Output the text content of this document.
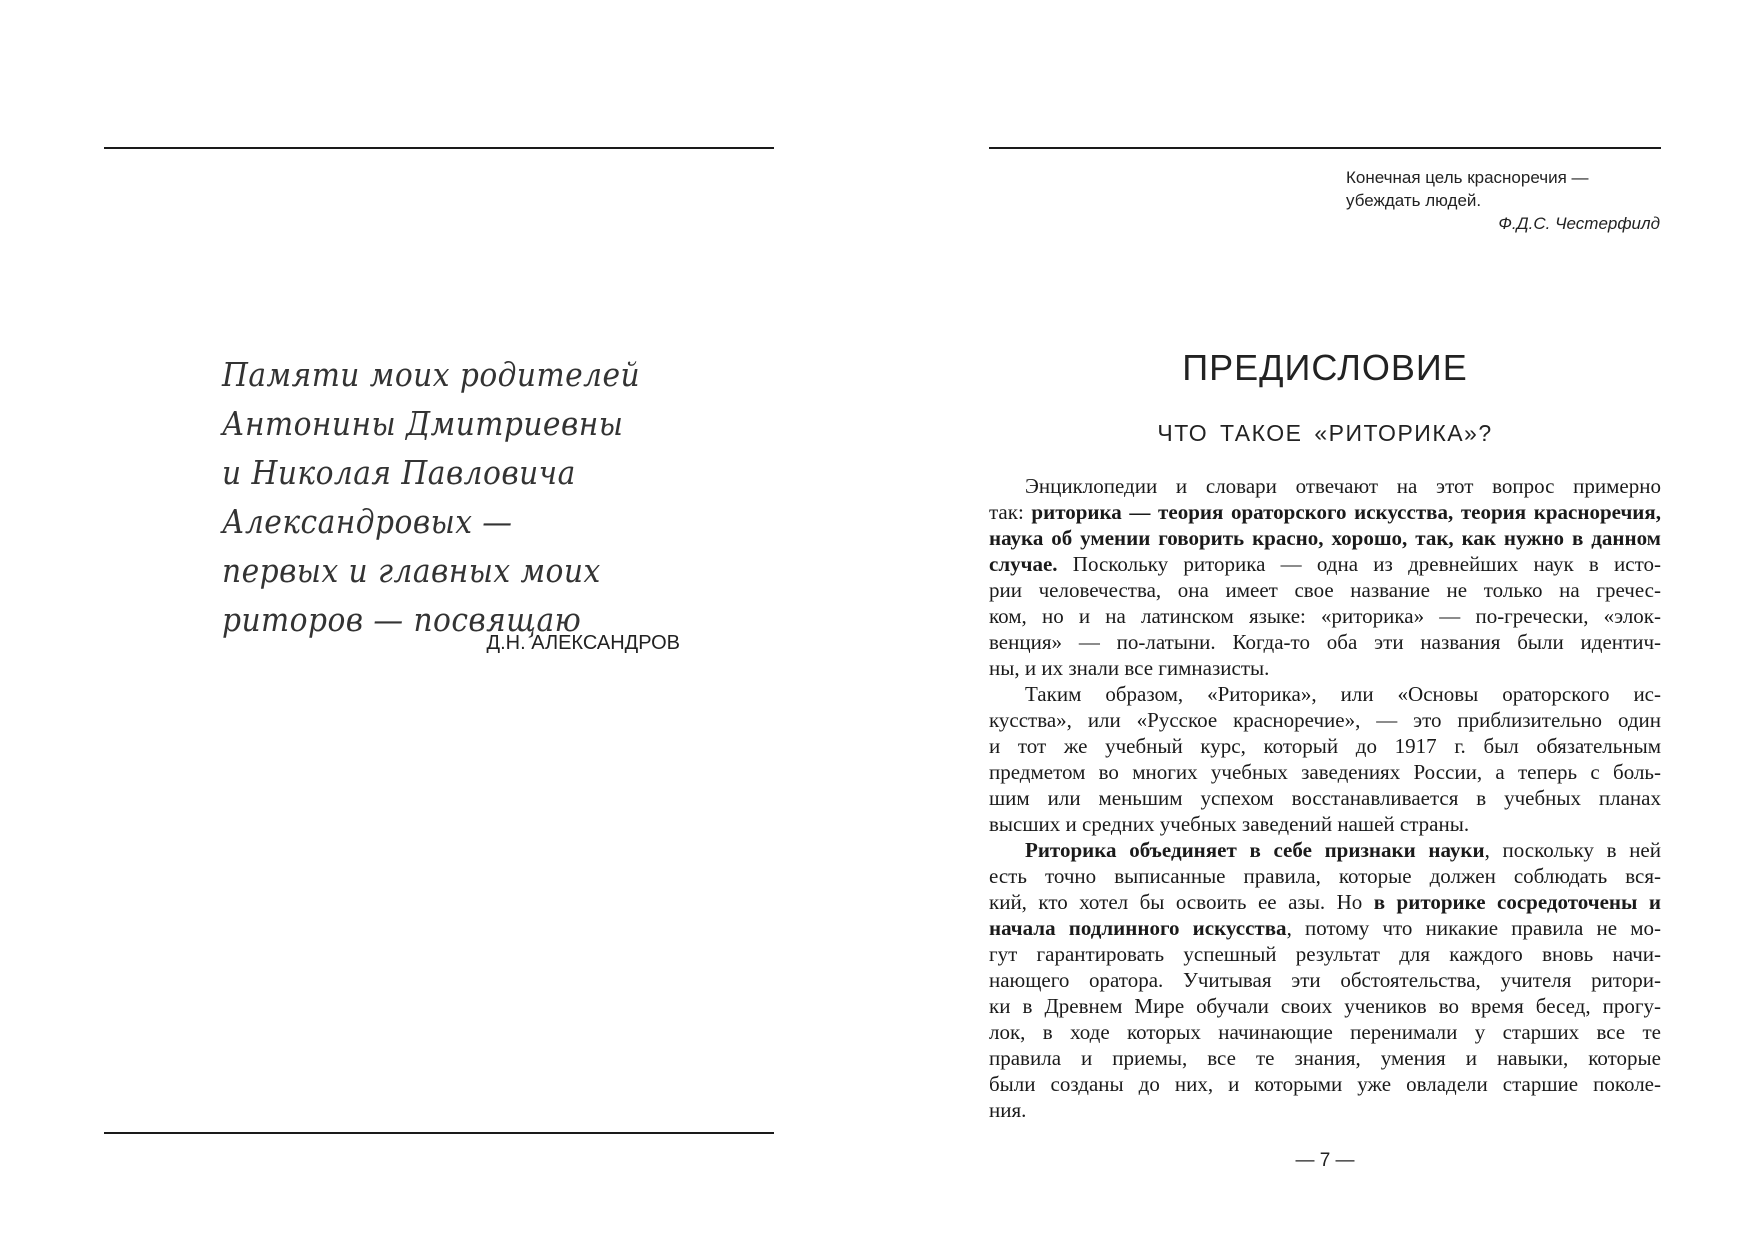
Памяти моих родителей
Антонины Дмитриевны
и Николая Павловича
Александровых —
первых и главных моих
риторов — посвящаю
Д.Н. АЛЕКСАНДРОВ
Конечная цель красноречия —
убеждать людей.
Ф.Д.С. Честерфилд
ПРЕДИСЛОВИЕ
ЧТО ТАКОЕ «РИТОРИКА»?
Энциклопедии и словари отвечают на этот вопрос примерно
так: риторика — теория ораторского искусства, теория красноречия,
наука об умении говорить красно, хорошо, так, как нужно в данном
случае. Поскольку риторика — одна из древнейших наук в исто-
рии человечества, она имеет свое название не только на гречес-
ком, но и на латинском языке: «риторика» — по-гречески, «элок-
венция» — по-латыни. Когда-то оба эти названия были идентич-
ны, и их знали все гимназисты.
Таким образом, «Риторика», или «Основы ораторского ис-
кусства», или «Русское красноречие», — это приблизительно один
и тот же учебный курс, который до 1917 г. был обязательным
предметом во многих учебных заведениях России, а теперь с боль-
шим или меньшим успехом восстанавливается в учебных планах
высших и средних учебных заведений нашей страны.
Риторика объединяет в себе признаки науки, поскольку в ней
есть точно выписанные правила, которые должен соблюдать вся-
кий, кто хотел бы освоить ее азы. Но в риторике сосредоточены и
начала подлинного искусства, потому что никакие правила не мо-
гут гарантировать успешный результат для каждого вновь начи-
нающего оратора. Учитывая эти обстоятельства, учителя ритори-
ки в Древнем Мире обучали своих учеников во время бесед, прогу-
лок, в ходе которых начинающие перенимали у старших все те
правила и приемы, все те знания, умения и навыки, которые
были созданы до них, и которыми уже овладели старшие поколе-
ния.
— 7 —
